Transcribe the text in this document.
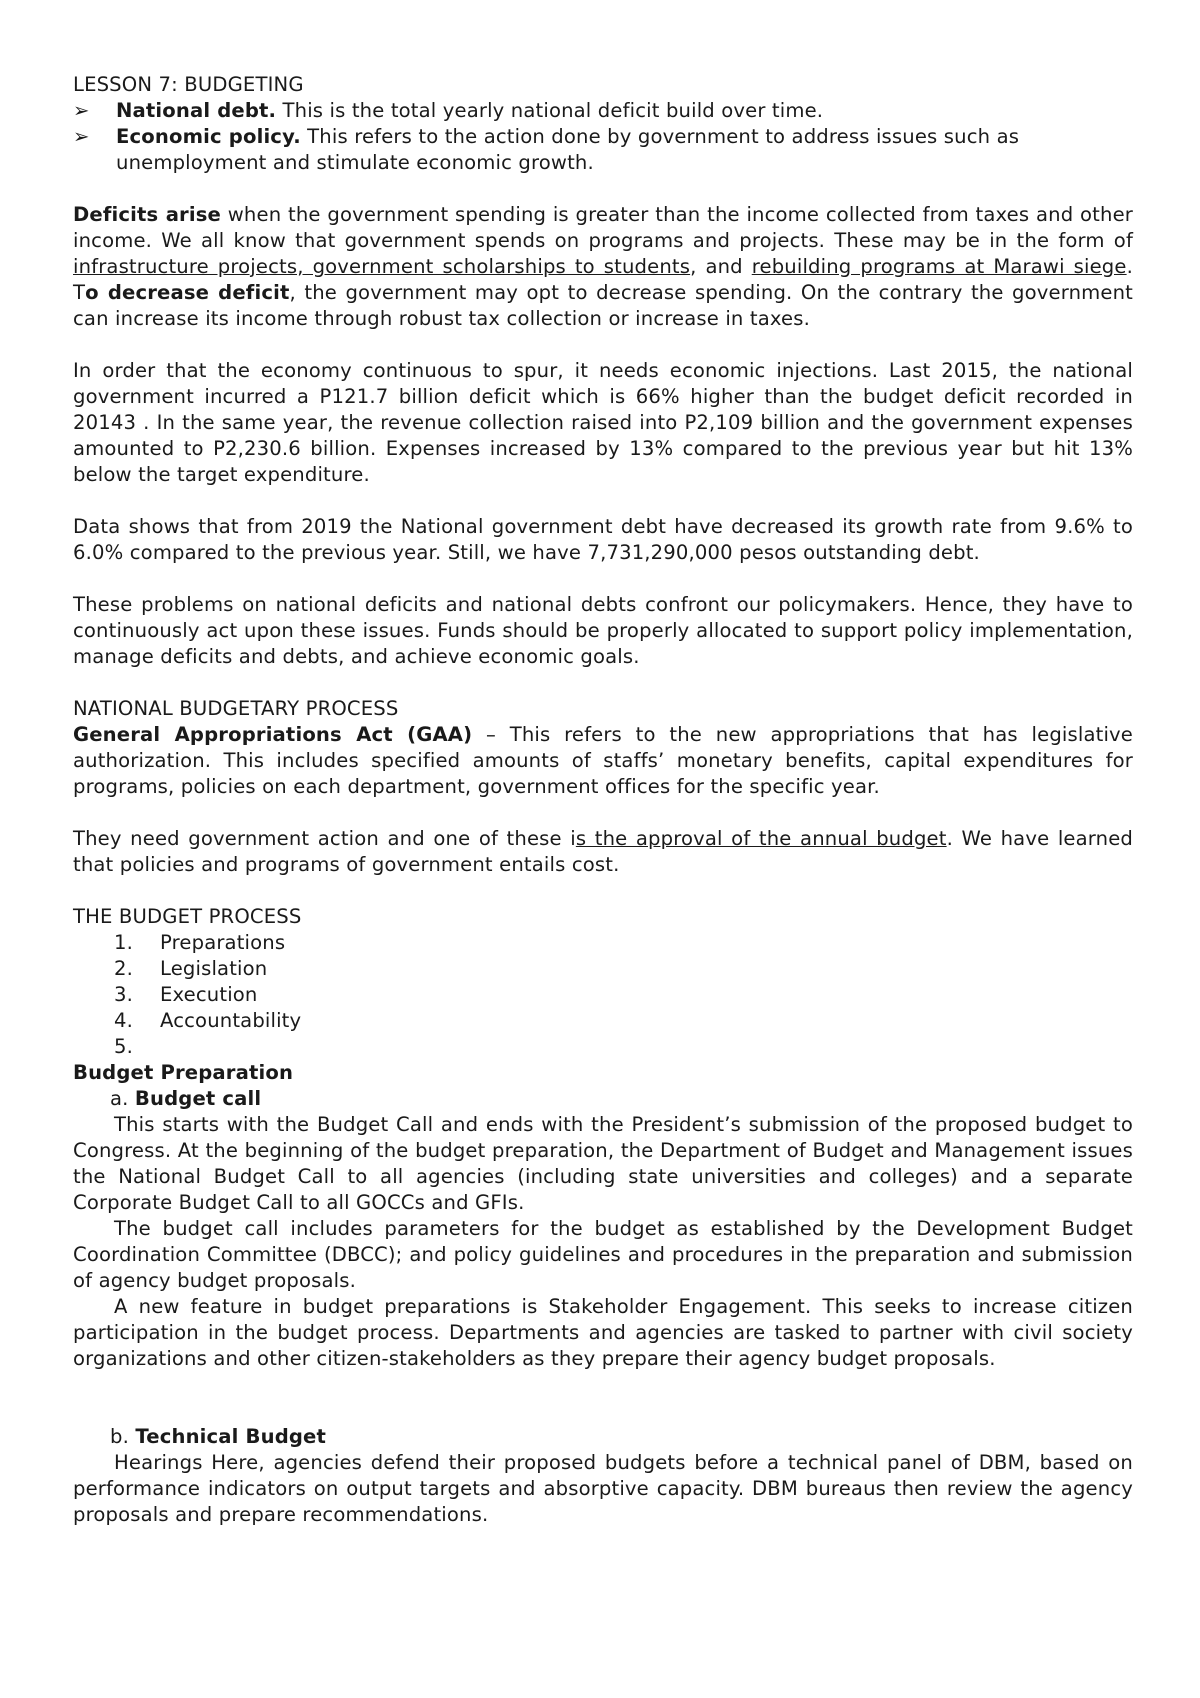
LESSON 7: BUDGETING

➢	National debt. This is the total yearly national deficit build over time.

➢	Economic policy. This refers to the action done by government to address issues such as unemployment and stimulate economic growth.

Deficits arise when the government spending is greater than the income collected from taxes and other income. We all know that government spends on programs and projects. These may be in the form of infrastructure projects, government scholarships to students, and rebuilding programs at Marawi siege. To decrease deficit, the government may opt to decrease spending. On the contrary the government can increase its income through robust tax collection or increase in taxes.

In order that the economy continuous to spur, it needs economic injections. Last 2015, the national government incurred a P121.7 billion deficit which is 66% higher than the budget deficit recorded in 20143 . In the same year, the revenue collection raised into P2,109 billion and the government expenses amounted to P2,230.6 billion. Expenses increased by 13% compared to the previous year but hit 13% below the target expenditure.

Data shows that from 2019 the National government debt have decreased its growth rate from 9.6% to 6.0% compared to the previous year. Still, we have 7,731,290,000 pesos outstanding debt.

These problems on national deficits and national debts confront our policymakers. Hence, they have to continuously act upon these issues. Funds should be properly allocated to support policy implementation, manage deficits and debts, and achieve economic goals.

NATIONAL BUDGETARY PROCESS

General Appropriations Act (GAA) – This refers to the new appropriations that has legislative authorization. This includes specified amounts of staffs’ monetary benefits, capital expenditures for programs, policies on each department, government offices for the specific year.

They need government action and one of these is the approval of the annual budget. We have learned that policies and programs of government entails cost.

THE BUDGET PROCESS

1.	Preparations

2.	Legislation

3.	Execution

4.	Accountability

5.

Budget Preparation

a. Budget call

This starts with the Budget Call and ends with the President’s submission of the proposed budget to Congress. At the beginning of the budget preparation, the Department of Budget and Management issues the National Budget Call to all agencies (including state universities and colleges) and a separate Corporate Budget Call to all GOCCs and GFIs.

The budget call includes parameters for the budget as established by the Development Budget Coordination Committee (DBCC); and policy guidelines and procedures in the preparation and submission of agency budget proposals.

A new feature in budget preparations is Stakeholder Engagement. This seeks to increase citizen participation in the budget process. Departments and agencies are tasked to partner with civil society organizations and other citizen-stakeholders as they prepare their agency budget proposals.

b. Technical Budget

Hearings Here, agencies defend their proposed budgets before a technical panel of DBM, based on performance indicators on output targets and absorptive capacity. DBM bureaus then review the agency proposals and prepare recommendations.
